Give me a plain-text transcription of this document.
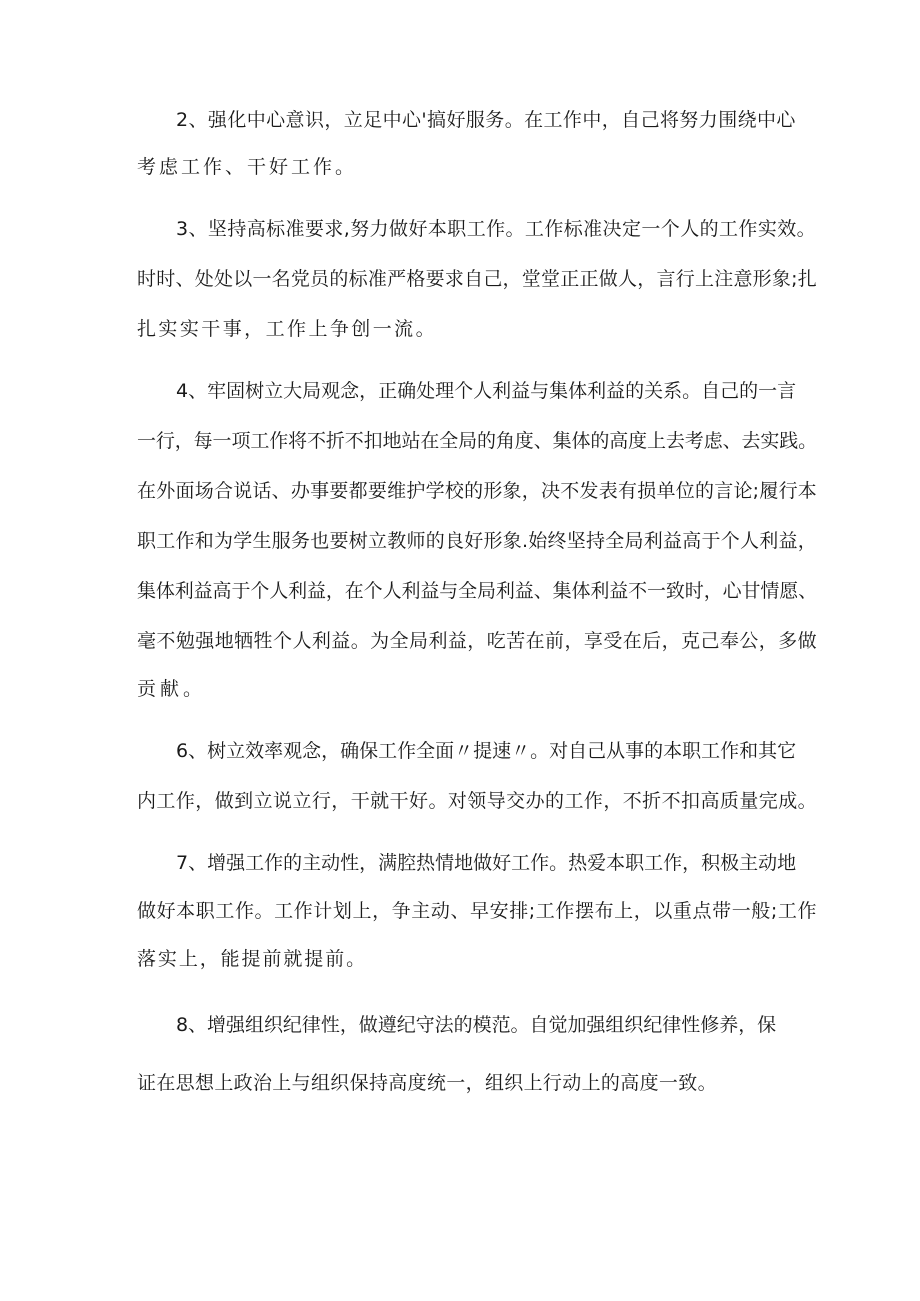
2、强化中心意识，立足中心'搞好服务。在工作中，自己将努力围绕中心
考虑工作、干好工作。
3、坚持高标准要求,努力做好本职工作。工作标准决定一个人的工作实效。
时时、处处以一名党员的标准严格要求自己，堂堂正正做人，言行上注意形象;扎
扎实实干事，工作上争创一流。
4、牢固树立大局观念，正确处理个人利益与集体利益的关系。自己的一言
一行，每一项工作将不折不扣地站在全局的角度、集体的高度上去考虑、去实践。
在外面场合说话、办事要都要维护学校的形象，决不发表有损单位的言论;履行本
职工作和为学生服务也要树立教师的良好形象.始终坚持全局利益高于个人利益，
集体利益高于个人利益，在个人利益与全局利益、集体利益不一致时，心甘情愿、
毫不勉强地牺牲个人利益。为全局利益，吃苦在前，享受在后，克己奉公，多做
贡献。
6、树立效率观念，确保工作全面〃提速〃。对自己从事的本职工作和其它
内工作，做到立说立行，干就干好。对领导交办的工作，不折不扣高质量完成。
7、增强工作的主动性，满腔热情地做好工作。热爱本职工作，积极主动地
做好本职工作。工作计划上，争主动、早安排;工作摆布上，以重点带一般;工作
落实上，能提前就提前。
8、增强组织纪律性，做遵纪守法的模范。自觉加强组织纪律性修养，保
证在思想上政治上与组织保持高度统一，组织上行动上的高度一致。
